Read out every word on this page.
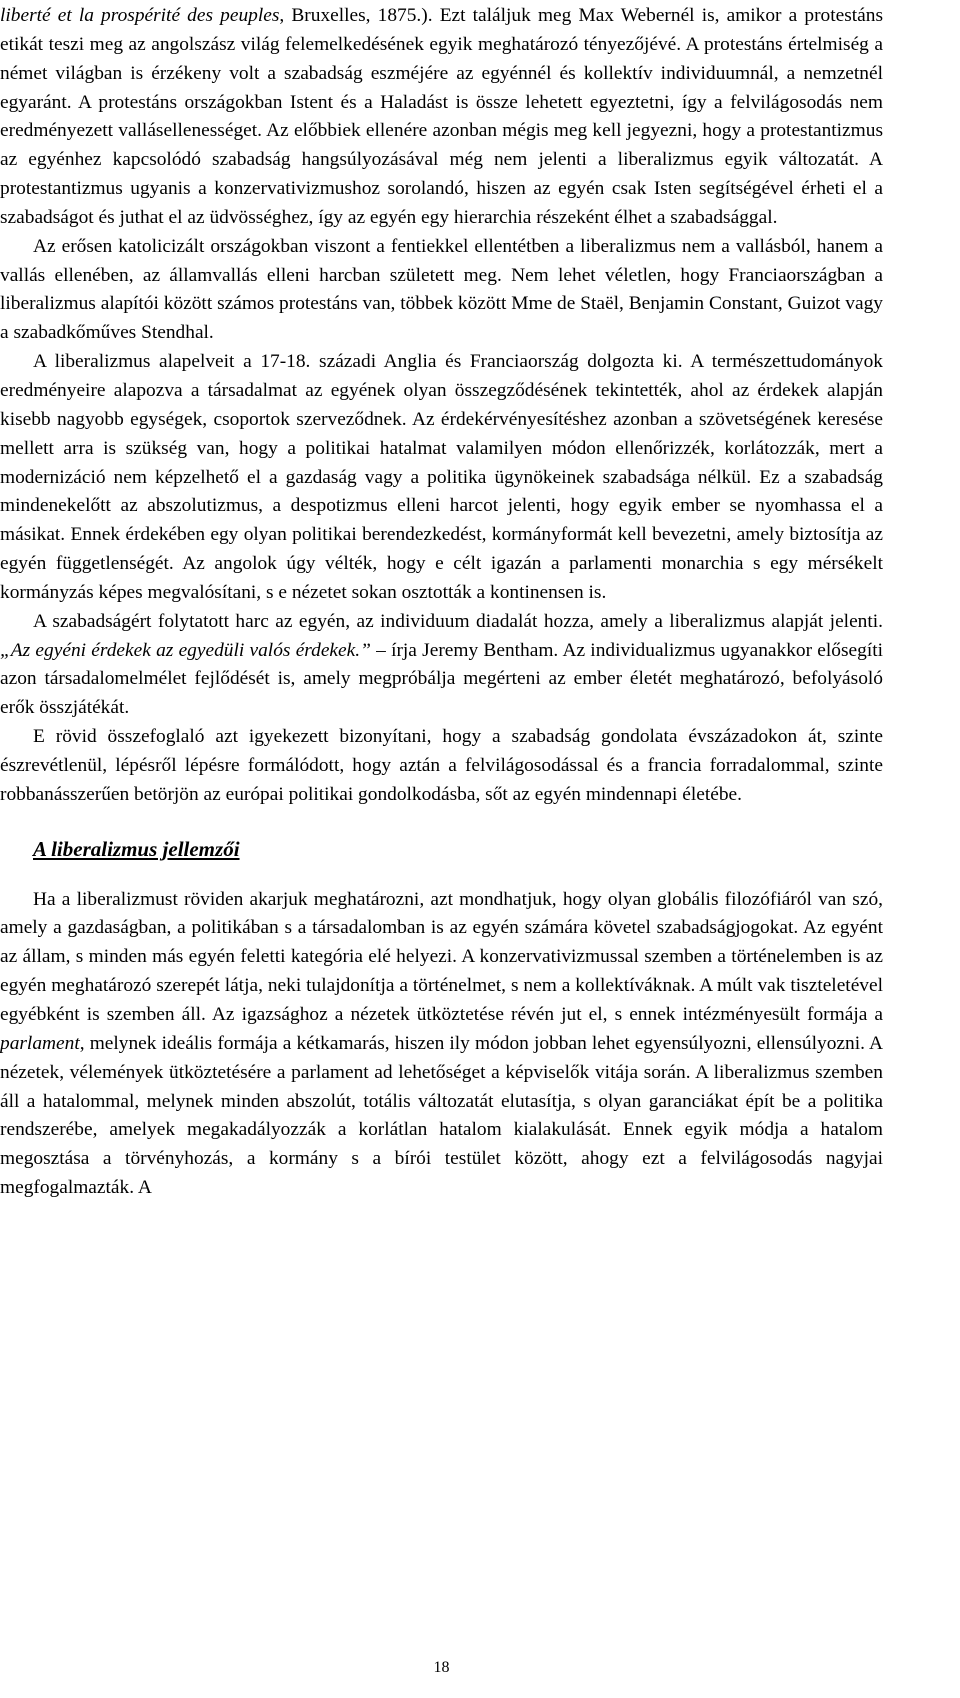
liberté et la prospérité des peuples, Bruxelles, 1875.). Ezt találjuk meg Max Webernél is, amikor a protestáns etikát teszi meg az angolszász világ felemelkedésének egyik meghatározó tényezőjévé. A protestáns értelmiség a német világban is érzékeny volt a szabadság eszméjére az egyénnél és kollektív individuumnál, a nemzetnél egyaránt. A protestáns országokban Istent és a Haladást is össze lehetett egyeztetni, így a felvilágosodás nem eredményezett vallásellenességet. Az előbbiek ellenére azonban mégis meg kell jegyezni, hogy a protestantizmus az egyénhez kapcsolódó szabadság hangsúlyozásával még nem jelenti a liberalizmus egyik változatát. A protestantizmus ugyanis a konzervativizmushoz sorolandó, hiszen az egyén csak Isten segítségével érheti el a szabadságot és juthat el az üdvösséghez, így az egyén egy hierarchia részeként élhet a szabadsággal.

Az erősen katolicizált országokban viszont a fentiekkel ellentétben a liberalizmus nem a vallásból, hanem a vallás ellenében, az államvallás elleni harcban született meg. Nem lehet véletlen, hogy Franciaországban a liberalizmus alapítói között számos protestáns van, többek között Mme de Staël, Benjamin Constant, Guizot vagy a szabadkőműves Stendhal.

A liberalizmus alapelveit a 17-18. századi Anglia és Franciaország dolgozta ki. A természettudományok eredményeire alapozva a társadalmat az egyének olyan összegződésének tekintették, ahol az érdekek alapján kisebb nagyobb egységek, csoportok szerveződnek. Az érdekérvényesítéshez azonban a szövetségének keresése mellett arra is szükség van, hogy a politikai hatalmat valamilyen módon ellenőrizzék, korlátozzák, mert a modernizáció nem képzelhető el a gazdaság vagy a politika ügynökeinek szabadsága nélkül. Ez a szabadság mindenekelőtt az abszolutizmus, a despotizmus elleni harcot jelenti, hogy egyik ember se nyomhassa el a másikat. Ennek érdekében egy olyan politikai berendezkedést, kormányformát kell bevezetni, amely biztosítja az egyén függetlenségét. Az angolok úgy vélték, hogy e célt igazán a parlamenti monarchia s egy mérsékelt kormányzás képes megvalósítani, s e nézetet sokan osztották a kontinensen is.

A szabadságért folytatott harc az egyén, az individuum diadalát hozza, amely a liberalizmus alapját jelenti. „Az egyéni érdekek az egyedüli valós érdekek.” – írja Jeremy Bentham. Az individualizmus ugyanakkor elősegíti azon társadalomelmélet fejlődését is, amely megpróbálja megérteni az ember életét meghatározó, befolyásoló erők összjátékát.

E rövid összefoglaló azt igyekezett bizonyítani, hogy a szabadság gondolata évszázadokon át, szinte észrevétlenül, lépésről lépésre formálódott, hogy aztán a felvilágosodással és a francia forradalommal, szinte robbanásszerűen betörjön az európai politikai gondolkodásba, sőt az egyén mindennapi életébe.

A liberalizmus jellemzői

Ha a liberalizmust röviden akarjuk meghatározni, azt mondhatjuk, hogy olyan globális filozófiáról van szó, amely a gazdaságban, a politikában s a társadalomban is az egyén számára követel szabadságjogokat. Az egyént az állam, s minden más egyén feletti kategória elé helyezi. A konzervativizmussal szemben a történelemben is az egyén meghatározó szerepét látja, neki tulajdonítja a történelmet, s nem a kollektíváknak. A múlt vak tiszteletével egyébként is szemben áll. Az igazsághoz a nézetek ütköztetése révén jut el, s ennek intézményesült formája a parlament, melynek ideális formája a kétkamarás, hiszen ily módon jobban lehet egyensúlyozni, ellensúlyozni. A nézetek, vélemények ütköztetésére a parlament ad lehetőséget a képviselők vitája során. A liberalizmus szemben áll a hatalommal, melynek minden abszolút, totális változatát elutasítja, s olyan garanciákat épít be a politika rendszerébe, amelyek megakadályozzák a korlátlan hatalom kialakulását. Ennek egyik módja a hatalom megosztása a törvényhozás, a kormány s a bírói testület között, ahogy ezt a felvilágosodás nagyjai megfogalmazták. A

18
